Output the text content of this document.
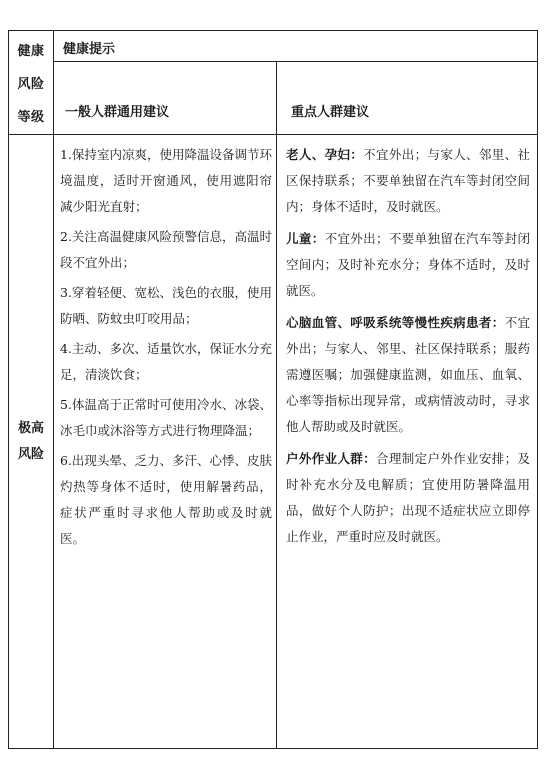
健康
风险
等级
健康提示
一般人群通用建议	重点人群建议
极高
风险
1.保持室内凉爽，使用降温设备调节环境温度，适时开窗通风，使用遮阳帘减少阳光直射；
2.关注高温健康风险预警信息，高温时段不宜外出；
3.穿着轻便、宽松、浅色的衣服，使用防晒、防蚊虫叮咬用品；
4.主动、多次、适量饮水，保证水分充足，清淡饮食；
5.体温高于正常时可使用冷水、冰袋、冰毛巾或沐浴等方式进行物理降温；
6.出现头晕、乏力、多汗、心悸、皮肤灼热等身体不适时，使用解暑药品，症状严重时寻求他人帮助或及时就医。
老人、孕妇：不宜外出；与家人、邻里、社区保持联系；不要单独留在汽车等封闭空间内；身体不适时，及时就医。
儿童：不宜外出；不要单独留在汽车等封闭空间内；及时补充水分；身体不适时，及时就医。
心脑血管、呼吸系统等慢性疾病患者：不宜外出；与家人、邻里、社区保持联系；服药需遵医嘱；加强健康监测，如血压、血氧、心率等指标出现异常，或病情波动时，寻求他人帮助或及时就医。
户外作业人群：合理制定户外作业安排；及时补充水分及电解质；宜使用防暑降温用品，做好个人防护；出现不适症状应立即停止作业，严重时应及时就医。
